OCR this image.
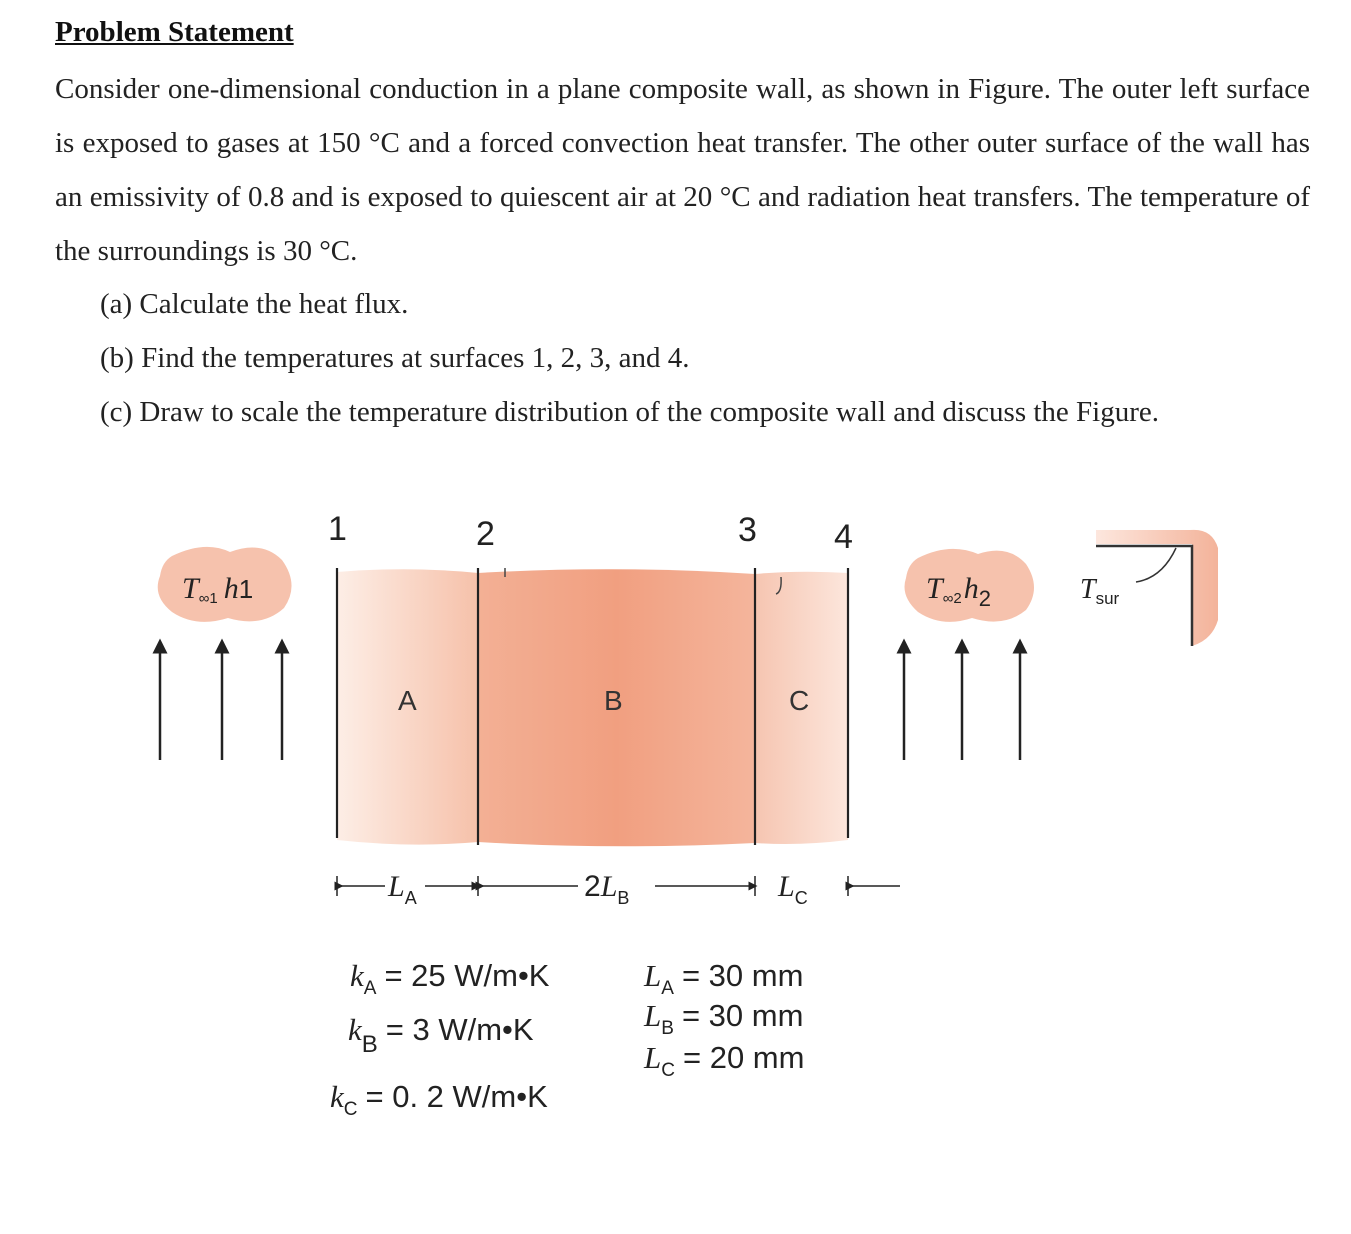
Problem Statement
Consider one-dimensional conduction in a plane composite wall, as shown in Figure. The outer left surface is exposed to gases at 150 °C and a forced convection heat transfer. The other outer surface of the wall has an emissivity of 0.8 and is exposed to quiescent air at 20 °C and radiation heat transfers. The temperature of the surroundings is 30 °C.
(a) Calculate the heat flux.
(b) Find the temperatures at surfaces 1, 2, 3, and 4.
(c) Draw to scale the temperature distribution of the composite wall and discuss the Figure.
1	2	3 4
A	B	C
T∞1 h1	$T\infty 2h_2$	$T_{sur}$
$L_A$	$2L_B$	$L_C$
$k_A = 25$ W/m•K
$k_B = 3$ W/m•K
$k_C = 0$. 2 W/m•K
$L_A = 30$ mm
$L_B = 30$ mm
$L_C = 20$ mm
